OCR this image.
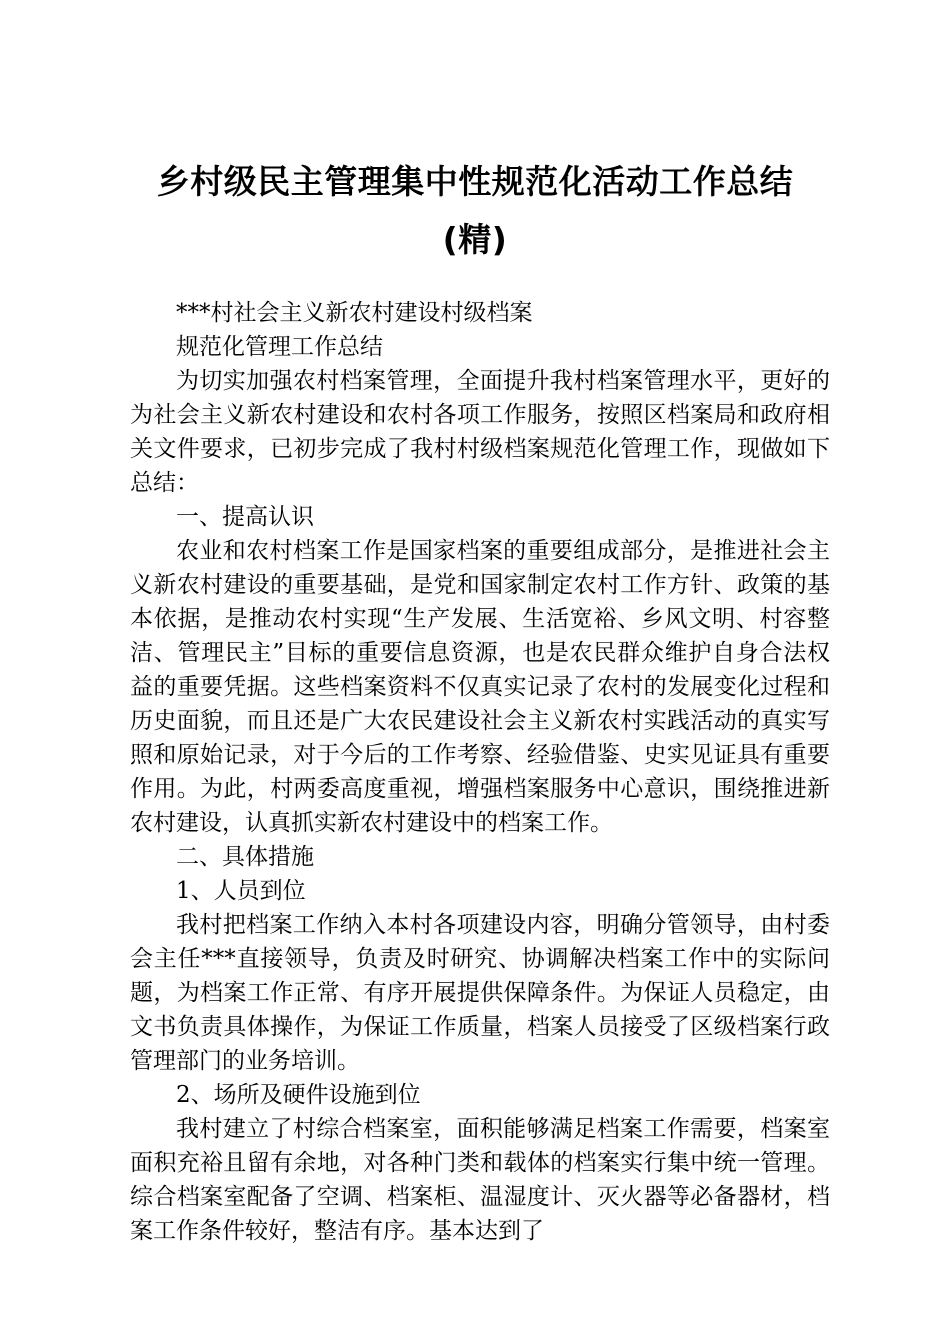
乡村级民主管理集中性规范化活动工作总结
(精)

***村社会主义新农村建设村级档案

规范化管理工作总结

为切实加强农村档案管理，全面提升我村档案管理水平，更好的为社会主义新农村建设和农村各项工作服务，按照区档案局和政府相关文件要求，已初步完成了我村村级档案规范化管理工作，现做如下总结：

一、提高认识

农业和农村档案工作是国家档案的重要组成部分，是推进社会主义新农村建设的重要基础，是党和国家制定农村工作方针、政策的基本依据，是推动农村实现“生产发展、生活宽裕、乡风文明、村容整洁、管理民主”目标的重要信息资源，也是农民群众维护自身合法权益的重要凭据。这些档案资料不仅真实记录了农村的发展变化过程和历史面貌，而且还是广大农民建设社会主义新农村实践活动的真实写照和原始记录，对于今后的工作考察、经验借鉴、史实见证具有重要作用。为此，村两委高度重视，增强档案服务中心意识，围绕推进新农村建设，认真抓实新农村建设中的档案工作。

二、具体措施

1、人员到位

我村把档案工作纳入本村各项建设内容，明确分管领导，由村委会主任***直接领导，负责及时研究、协调解决档案工作中的实际问题，为档案工作正常、有序开展提供保障条件。为保证人员稳定，由文书负责具体操作，为保证工作质量，档案人员接受了区级档案行政管理部门的业务培训。

2、场所及硬件设施到位

我村建立了村综合档案室，面积能够满足档案工作需要，档案室面积充裕且留有余地，对各种门类和载体的档案实行集中统一管理。综合档案室配备了空调、档案柜、温湿度计、灭火器等必备器材，档案工作条件较好，整洁有序。基本达到了
